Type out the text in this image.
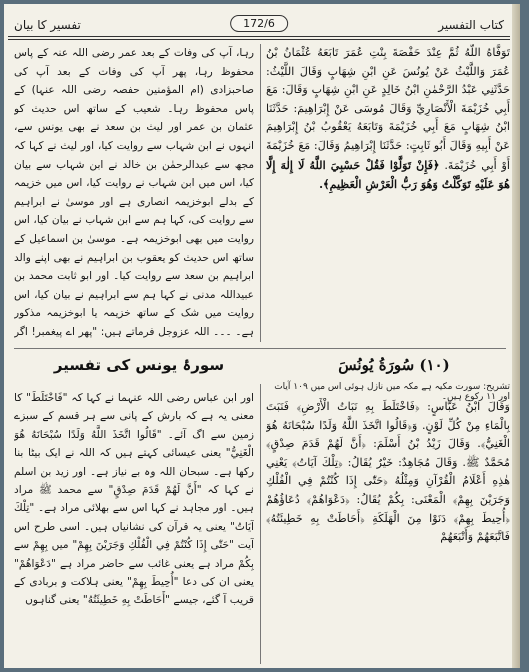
تفسیر کا بیان	172/6	كتاب التفسير

رہا، آپ کی وفات کے بعد عمر رضی اللہ عنہ کے پاس محفوظ رہا، پھر آپ کی وفات کے بعد آپ کی صاحبزادی (ام المؤمنین حفصہ رضی اللہ عنہا) کے پاس محفوظ رہا۔ شعیب کے ساتھ اس حدیث کو عثمان بن عمر اور لیث بن سعد نے بھی یونس سے، انہوں نے ابن شہاب سے روایت کیا، اور لیث نے کہا کہ مجھ سے عبدالرحمٰن بن خالد نے ابن شہاب سے بیان کیا، اس میں ابن شہاب نے روایت کیا، اس میں خزیمہ کے بدلے ابوخزیمہ انصاری ہے اور موسیٰ نے ابراہیم سے روایت کی، کہا ہم سے ابن شہاب نے بیان کیا، اس روایت میں بھی ابوخزیمہ ہے۔ موسیٰ بن اسماعیل کے ساتھ اس حدیث کو یعقوب بن ابراہیم نے بھی اپنے والد ابراہیم بن سعد سے روایت کیا۔ اور ابو ثابت محمد بن عبیداللہ مدنی نے کہا ہم سے ابراہیم نے بیان کیا، اس روایت میں شک کے ساتھ خزیمہ یا ابوخزیمہ مذکور ہے۔ ۔۔۔ اللہ عزوجل فرماتے ہیں: "پھر اے پیغمبر! اگر

تَوَفَّاهُ اللَّهُ ثُمَّ عِنْدَ حَفْصَةَ بِنْتِ عُمَرَ تَابَعَهُ عُثْمَانُ بْنُ عُمَرَ وَاللَّيْثُ عَنْ يُونُسَ عَنِ ابْنِ شِهَابٍ وَقَالَ اللَّيْثُ: حَدَّثَنِي عَبْدُ الرَّحْمٰنِ ابْنُ خَالِدٍ عَنِ ابْنِ شِهَابٍ وَقَالَ: مَعَ أَبِي خُزَيْمَةَ الْأَنْصَارِيِّ وَقَالَ مُوسَى عَنْ إِبْرَاهِيمَ: حَدَّثَنَا ابْنُ شِهَابٍ مَعَ أَبِي خُزَيْمَةَ وَتَابَعَهُ يَعْقُوبُ بْنُ إِبْرَاهِيمَ عَنْ أَبِيهِ وَقَالَ أَبُو ثَابِتٍ: حَدَّثَنَا إِبْرَاهِيمُ وَقَالَ: مَعَ خُزَيْمَةَ أَوْ أَبِي خُزَيْمَةَ. ﴿فَإِنْ تَوَلَّوْا فَقُلْ حَسْبِيَ اللَّهُ لَا إِلٰهَ إِلَّا هُوَ عَلَيْهِ تَوَكَّلْتُ وَهُوَ رَبُّ الْعَرْشِ الْعَظِيمِ﴾.

(١٠) سُورَةُ يُونُسَ
سورۂ یونس کی تفسیر
تشریح: سورت مکیہ ہے مکہ میں نازل ہوئی اس میں ۱۰۹ آیات اور ۱۱ رکوع ہیں۔

اور ابن عباس رضی اللہ عنہما نے کہا کہ "فَاخْتَلَطَ" کا معنی یہ ہے کہ بارش کے پانی سے ہر قسم کے سبزے زمین سے اگ آئے۔ "قَالُوا اتَّخَذَ اللَّهُ وَلَدًا سُبْحَانَهُ هُوَ الْغَنِيُّ" یعنی عیسائی کہتے ہیں کہ اللہ نے ایک بیٹا بنا رکھا ہے۔ سبحان اللہ وہ بے نیاز ہے۔ اور زید بن اسلم نے کہا کہ "أَنَّ لَهُمْ قَدَمَ صِدْقٍ" سے محمد ﷺ مراد ہیں۔ اور مجاہد نے کہا اس سے بھلائی مراد ہے۔ "تِلْكَ آيَاتُ" یعنی یہ قرآن کی نشانیاں ہیں۔ اسی طرح اس آیت "حَتّٰى إِذَا كُنْتُمْ فِي الْفُلْكِ وَجَرَيْنَ بِهِمْ" میں بِهِمْ سے بِكُمْ مراد ہے یعنی غائب سے حاضر مراد ہے "دَعْوَاهُمْ" یعنی ان کی دعا "أُحِيطَ بِهِمْ" یعنی ہلاکت و بربادی کے قریب آ گئے، جیسے "أَحَاطَتْ بِهِ خَطِيئَتُهُ" یعنی گناہوں

وَقَالَ ابْنُ عَبَّاسٍ: ﴿فَاخْتَلَطَ بِهِ نَبَاتُ الْأَرْضِ﴾ فَنَبَتَ بِالْمَاءِ مِنْ كُلِّ لَوْنٍ. وَ﴿قَالُوا اتَّخَذَ اللَّهُ وَلَدًا سُبْحَانَهُ هُوَ الْغَنِيُّ﴾. وَقَالَ زَيْدُ بْنُ أَسْلَمَ: ﴿أَنَّ لَهُمْ قَدَمَ صِدْقٍ﴾ مُحَمَّدٌ ﷺ. وَقَالَ مُجَاهِدٌ: خَيْرٌ يُقَالُ: ﴿تِلْكَ آيَاتُ﴾ يَعْنِي هٰذِهِ أَعْلَامُ الْقُرْآنِ وَمِثْلُهُ ﴿حَتّٰى إِذَا كُنْتُمْ فِي الْفُلْكِ وَجَرَيْنَ بِهِمْ﴾ الْمَعْنَى: بِكُمْ يُقَالُ: ﴿دَعْوَاهُمْ﴾ دُعَاؤُهُمْ ﴿أُحِيطَ بِهِمْ﴾ دَنَوْا مِنَ الْهَلَكَةِ ﴿أَحَاطَتْ بِهِ خَطِيئَتُهُ﴾ فَاتَّبَعَهُمْ وَأَتْبَعَهُمْ
